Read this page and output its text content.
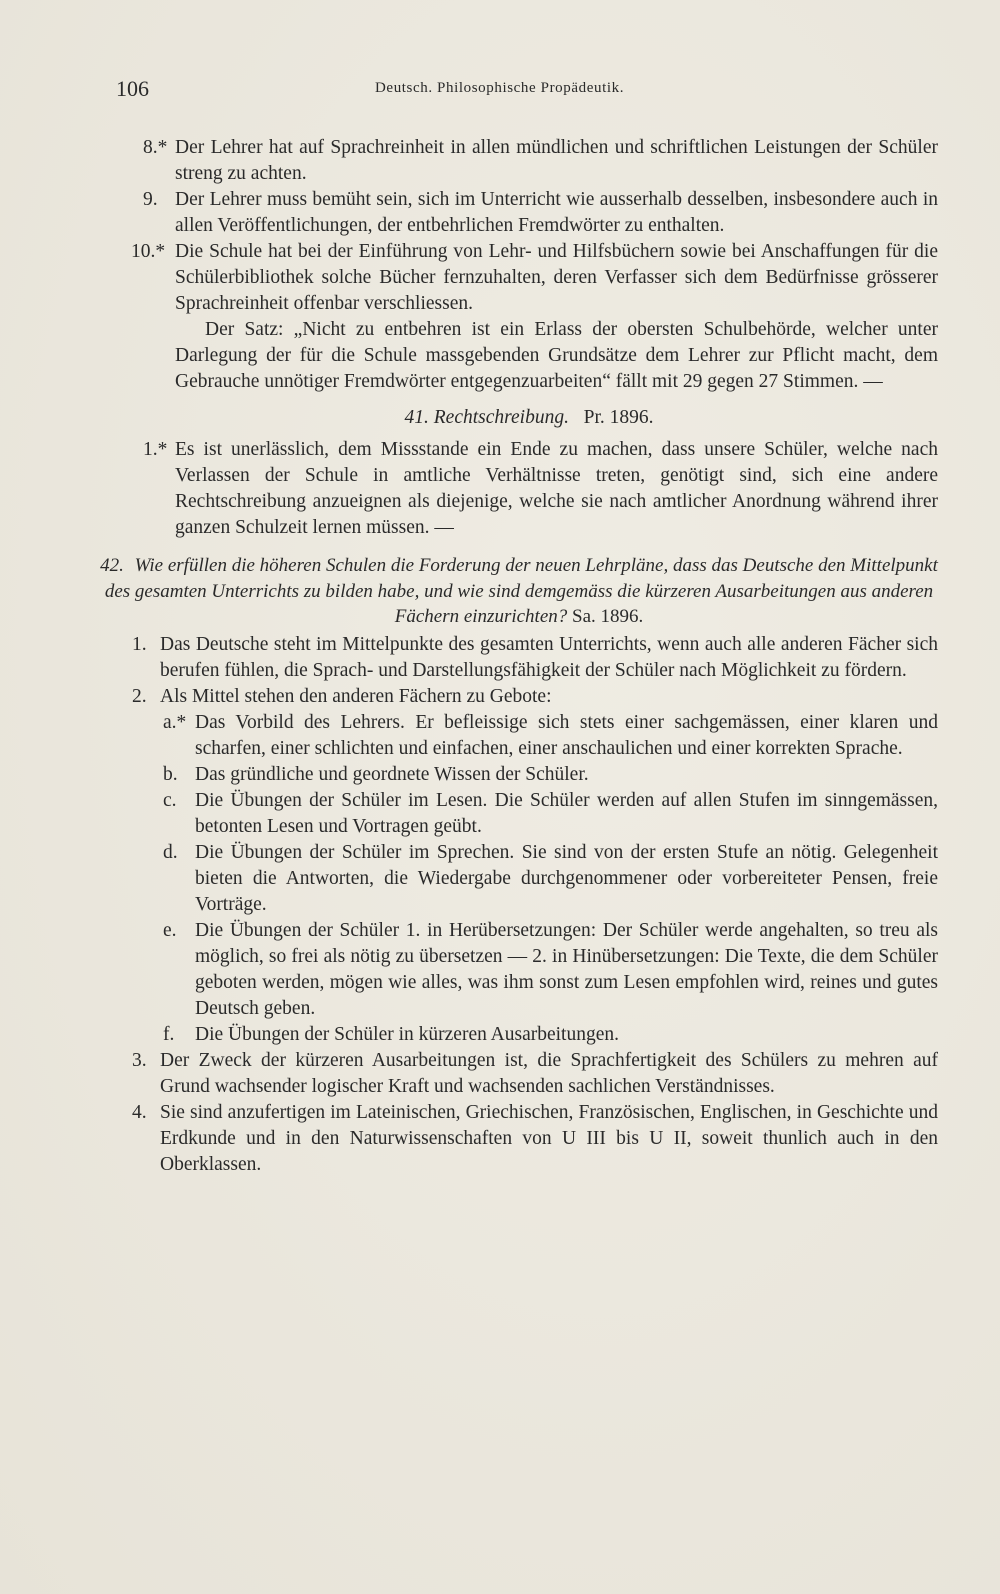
106	Deutsch. Philosophische Propädeutik.
8.* Der Lehrer hat auf Sprachreinheit in allen mündlichen und schriftlichen Leistungen der Schüler streng zu achten.
9. Der Lehrer muss bemüht sein, sich im Unterricht wie ausserhalb desselben, insbesondere auch in allen Veröffentlichungen, der entbehrlichen Fremdwörter zu enthalten.
10.* Die Schule hat bei der Einführung von Lehr- und Hilfsbüchern sowie bei Anschaffungen für die Schülerbibliothek solche Bücher fernzuhalten, deren Verfasser sich dem Bedürfnisse grösserer Sprachreinheit offenbar verschliessen.
Der Satz: „Nicht zu entbehren ist ein Erlass der obersten Schulbehörde, welcher unter Darlegung der für die Schule massgebenden Grundsätze dem Lehrer zur Pflicht macht, dem Gebrauche unnötiger Fremdwörter entgegenzuarbeiten“ fällt mit 29 gegen 27 Stimmen. —
41. Rechtschreibung. Pr. 1896.
1.* Es ist unerlässlich, dem Missstande ein Ende zu machen, dass unsere Schüler, welche nach Verlassen der Schule in amtliche Verhältnisse treten, genötigt sind, sich eine andere Rechtschreibung anzueignen als diejenige, welche sie nach amtlicher Anordnung während ihrer ganzen Schulzeit lernen müssen. —
42. Wie erfüllen die höheren Schulen die Forderung der neuen Lehrpläne, dass das Deutsche den Mittelpunkt des gesamten Unterrichts zu bilden habe, und wie sind demgemäss die kürzeren Ausarbeitungen aus anderen Fächern einzurichten? Sa. 1896.
1. Das Deutsche steht im Mittelpunkte des gesamten Unterrichts, wenn auch alle anderen Fächer sich berufen fühlen, die Sprach- und Darstellungsfähigkeit der Schüler nach Möglichkeit zu fördern.
2. Als Mittel stehen den anderen Fächern zu Gebote:
a.* Das Vorbild des Lehrers. Er befleissige sich stets einer sachgemässen, einer klaren und scharfen, einer schlichten und einfachen, einer anschaulichen und einer korrekten Sprache.
b. Das gründliche und geordnete Wissen der Schüler.
c. Die Übungen der Schüler im Lesen. Die Schüler werden auf allen Stufen im sinngemässen, betonten Lesen und Vortragen geübt.
d. Die Übungen der Schüler im Sprechen. Sie sind von der ersten Stufe an nötig. Gelegenheit bieten die Antworten, die Wiedergabe durchgenommener oder vorbereiteter Pensen, freie Vorträge.
e. Die Übungen der Schüler 1. in Herübersetzungen: Der Schüler werde angehalten, so treu als möglich, so frei als nötig zu übersetzen — 2. in Hinübersetzungen: Die Texte, die dem Schüler geboten werden, mögen wie alles, was ihm sonst zum Lesen empfohlen wird, reines und gutes Deutsch geben.
f. Die Übungen der Schüler in kürzeren Ausarbeitungen.
3. Der Zweck der kürzeren Ausarbeitungen ist, die Sprachfertigkeit des Schülers zu mehren auf Grund wachsender logischer Kraft und wachsenden sachlichen Verständnisses.
4. Sie sind anzufertigen im Lateinischen, Griechischen, Französischen, Englischen, in Geschichte und Erdkunde und in den Naturwissenschaften von U III bis U II, soweit thunlich auch in den Oberklassen.
